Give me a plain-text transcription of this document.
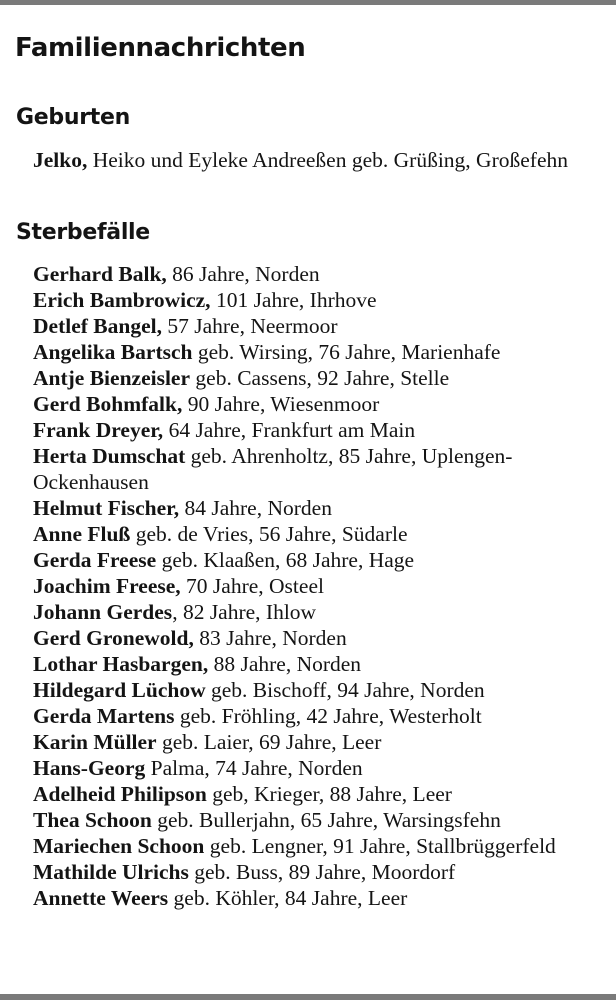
Familiennachrichten
Geburten
Jelko, Heiko und Eyleke Andreeßen geb. Grüßing, Großefehn
Sterbefälle
Gerhard Balk, 86 Jahre, Norden
Erich Bambrowicz, 101 Jahre, Ihrhove
Detlef Bangel, 57 Jahre, Neermoor
Angelika Bartsch geb. Wirsing, 76 Jahre, Marienhafe
Antje Bienzeisler geb. Cassens, 92 Jahre, Stelle
Gerd Bohmfalk, 90 Jahre, Wiesenmoor
Frank Dreyer, 64 Jahre, Frankfurt am Main
Herta Dumschat geb. Ahrenholtz, 85 Jahre, Uplengen-Ockenhausen
Helmut Fischer, 84 Jahre, Norden
Anne Fluß geb. de Vries, 56 Jahre, Südarle
Gerda Freese geb. Klaaßen, 68 Jahre, Hage
Joachim Freese, 70 Jahre, Osteel
Johann Gerdes, 82 Jahre, Ihlow
Gerd Gronewold, 83 Jahre, Norden
Lothar Hasbargen, 88 Jahre, Norden
Hildegard Lüchow geb. Bischoff, 94 Jahre, Norden
Gerda Martens geb. Fröhling, 42 Jahre, Westerholt
Karin Müller geb. Laier, 69 Jahre, Leer
Hans-Georg Palma, 74 Jahre, Norden
Adelheid Philipson geb, Krieger, 88 Jahre, Leer
Thea Schoon geb. Bullerjahn, 65 Jahre, Warsingsfehn
Mariechen Schoon geb. Lengner, 91 Jahre, Stallbrüggerfeld
Mathilde Ulrichs geb. Buss, 89 Jahre, Moordorf
Annette Weers geb. Köhler, 84 Jahre, Leer
